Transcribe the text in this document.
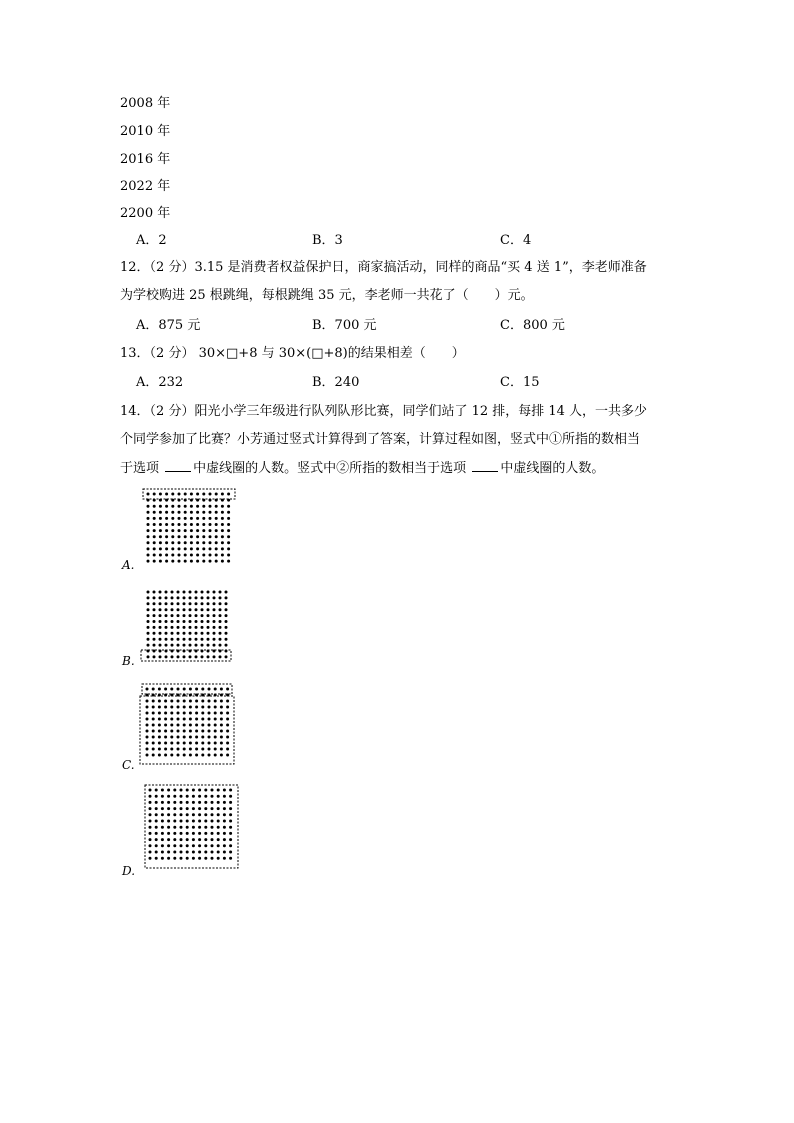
2008 年
2010 年
2016 年
2022 年
2200 年
A．2	B．3	C．4
12．（2 分）3.15 是消费者权益保护日，商家搞活动，同样的商品“买 4 送 1”，李老师准备
为学校购进 25 根跳绳，每根跳绳 35 元，李老师一共花了（　　）元。
A．875 元	B．700 元	C．800 元
13．（2 分） 30×□+8 与 30×(□+8)的结果相差（　　）
A．232	B．240	C．15
14．（2 分）阳光小学三年级进行队列队形比赛，同学们站了 12 排，每排 14 人，一共多少
个同学参加了比赛？小芳通过竖式计算得到了答案，计算过程如图，竖式中①所指的数相当
于选项	中虚线圈的人数。竖式中②所指的数相当于选项	中虚线圈的人数。
A.
B.
C.
D.
